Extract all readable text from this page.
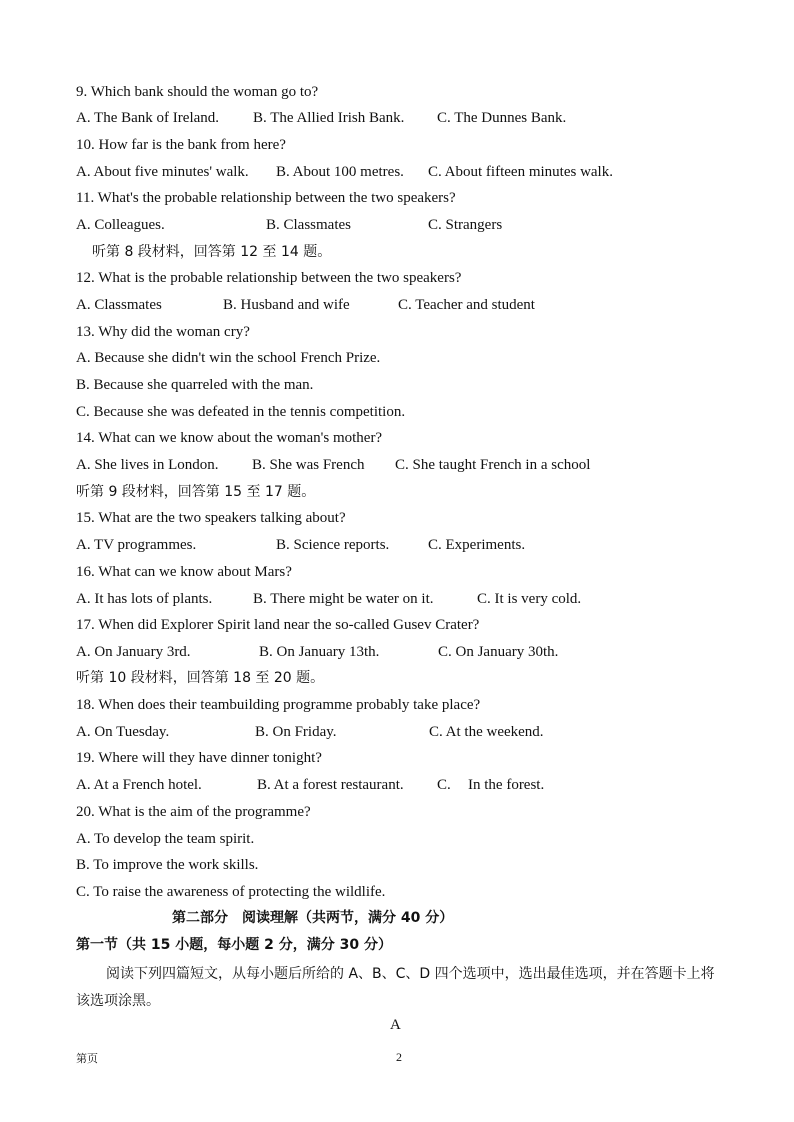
9. Which bank should the woman go to?
A. The Bank of Ireland. B. The Allied Irish Bank. C. The Dunnes Bank.
10. How far is the bank from here?
A. About five minutes' walk. B. About 100 metres. C. About fifteen minutes walk.
11. What's the probable relationship between the two speakers?
A. Colleagues.	B. Classmates	C. Strangers
听第 8 段材料，回答第 12 至 14 题。
12. What is the probable relationship between the two speakers?
A. Classmates	B. Husband and wife	C. Teacher and student
13. Why did the woman cry?
A. Because she didn't win the school French Prize.
B. Because she quarreled with the man.
C. Because she was defeated in the tennis competition.
14. What can we know about the woman's mother?
A. She lives in London. B. She was French C. She taught French in a school
听第 9 段材料，回答第 15 至 17 题。
15. What are the two speakers talking about?
A. TV programmes.	B. Science reports.	C. Experiments.
16. What can we know about Mars?
A. It has lots of plants.	B. There might be water on it.	C. It is very cold.
17. When did Explorer Spirit land near the so-called Gusev Crater?
A. On January 3rd.	B. On January 13th.	C. On January 30th.
听第 10 段材料，回答第 18 至 20 题。
18. When does their teambuilding programme probably take place?
A. On Tuesday.	B. On Friday.	C. At the weekend.
19. Where will they have dinner tonight?
A. At a French hotel.	B. At a forest restaurant. C. In the forest.
20. What is the aim of the programme?
A. To develop the team spirit.
B. To improve the work skills.
C. To raise the awareness of protecting the wildlife.
第二部分　阅读理解（共两节，满分 40 分）
第一节（共 15 小题，每小题 2 分，满分 30 分）
阅读下列四篇短文，从每小题后所给的 A、B、C、D 四个选项中，选出最佳选项，并在答题卡上将该选项涂黑。
A
第页	2
